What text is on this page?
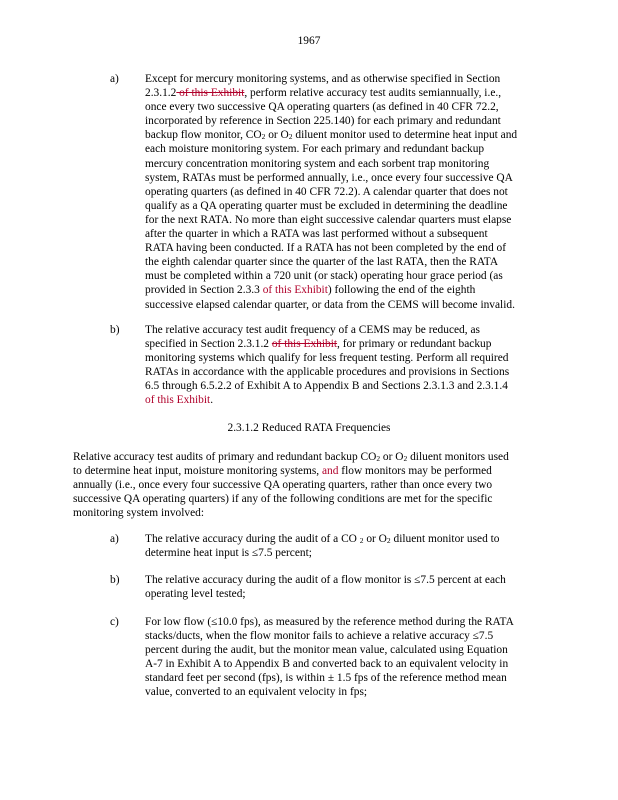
1967
a) Except for mercury monitoring systems, and as otherwise specified in Section
2.3.1.2 of this Exhibit, perform relative accuracy test audits semiannually, i.e.,
once every two successive QA operating quarters (as defined in 40 CFR 72.2,
incorporated by reference in Section 225.140) for each primary and redundant
backup flow monitor, $CO_2$ or $O_2$ diluent monitor used to determine heat input and
each moisture monitoring system. For each primary and redundant backup
mercury concentration monitoring system and each sorbent trap monitoring
system, RATAs must be performed annually, i.e., once every four successive QA
operating quarters (as defined in 40 CFR 72.2). A calendar quarter that does not
qualify as a QA operating quarter must be excluded in determining the deadline
for the next RATA. No more than eight successive calendar quarters must elapse
after the quarter in which a RATA was last performed without a subsequent
RATA having been conducted. If a RATA has not been completed by the end of
the eighth calendar quarter since the quarter of the last RATA, then the RATA
must be completed within a 720 unit (or stack) operating hour grace period (as
provided in Section 2.3.3 of this Exhibit) following the end of the eighth
successive elapsed calendar quarter, or data from the CEMS will become invalid.
b) The relative accuracy test audit frequency of a CEMS may be reduced, as
specified in Section 2.3.1.2 of this Exhibit, for primary or redundant backup
monitoring systems which qualify for less frequent testing. Perform all required
RATAs in accordance with the applicable procedures and provisions in Sections
6.5 through 6.5.2.2 of Exhibit A to Appendix B and Sections 2.3.1.3 and 2.3.1.4
of this Exhibit.
2.3.1.2 Reduced RATA Frequencies
Relative accuracy test audits of primary and redundant backup $CO_2$ or $O_2$ diluent monitors used
to determine heat input, moisture monitoring systems, and flow monitors may be performed
annually (i.e., once every four successive QA operating quarters, rather than once every two
successive QA operating quarters) if any of the following conditions are met for the specific
monitoring system involved:
a) The relative accuracy during the audit of a CO $_2$ or $O_2$ diluent monitor used to
determine heat input is ≤7.5 percent;
b) The relative accuracy during the audit of a flow monitor is ≤7.5 percent at each
operating level tested;
c) For low flow (≤10.0 fps), as measured by the reference method during the RATA
stacks/ducts, when the flow monitor fails to achieve a relative accuracy ≤7.5
percent during the audit, but the monitor mean value, calculated using Equation
A-7 in Exhibit A to Appendix B and converted back to an equivalent velocity in
standard feet per second (fps), is within ± 1.5 fps of the reference method mean
value, converted to an equivalent velocity in fps;
